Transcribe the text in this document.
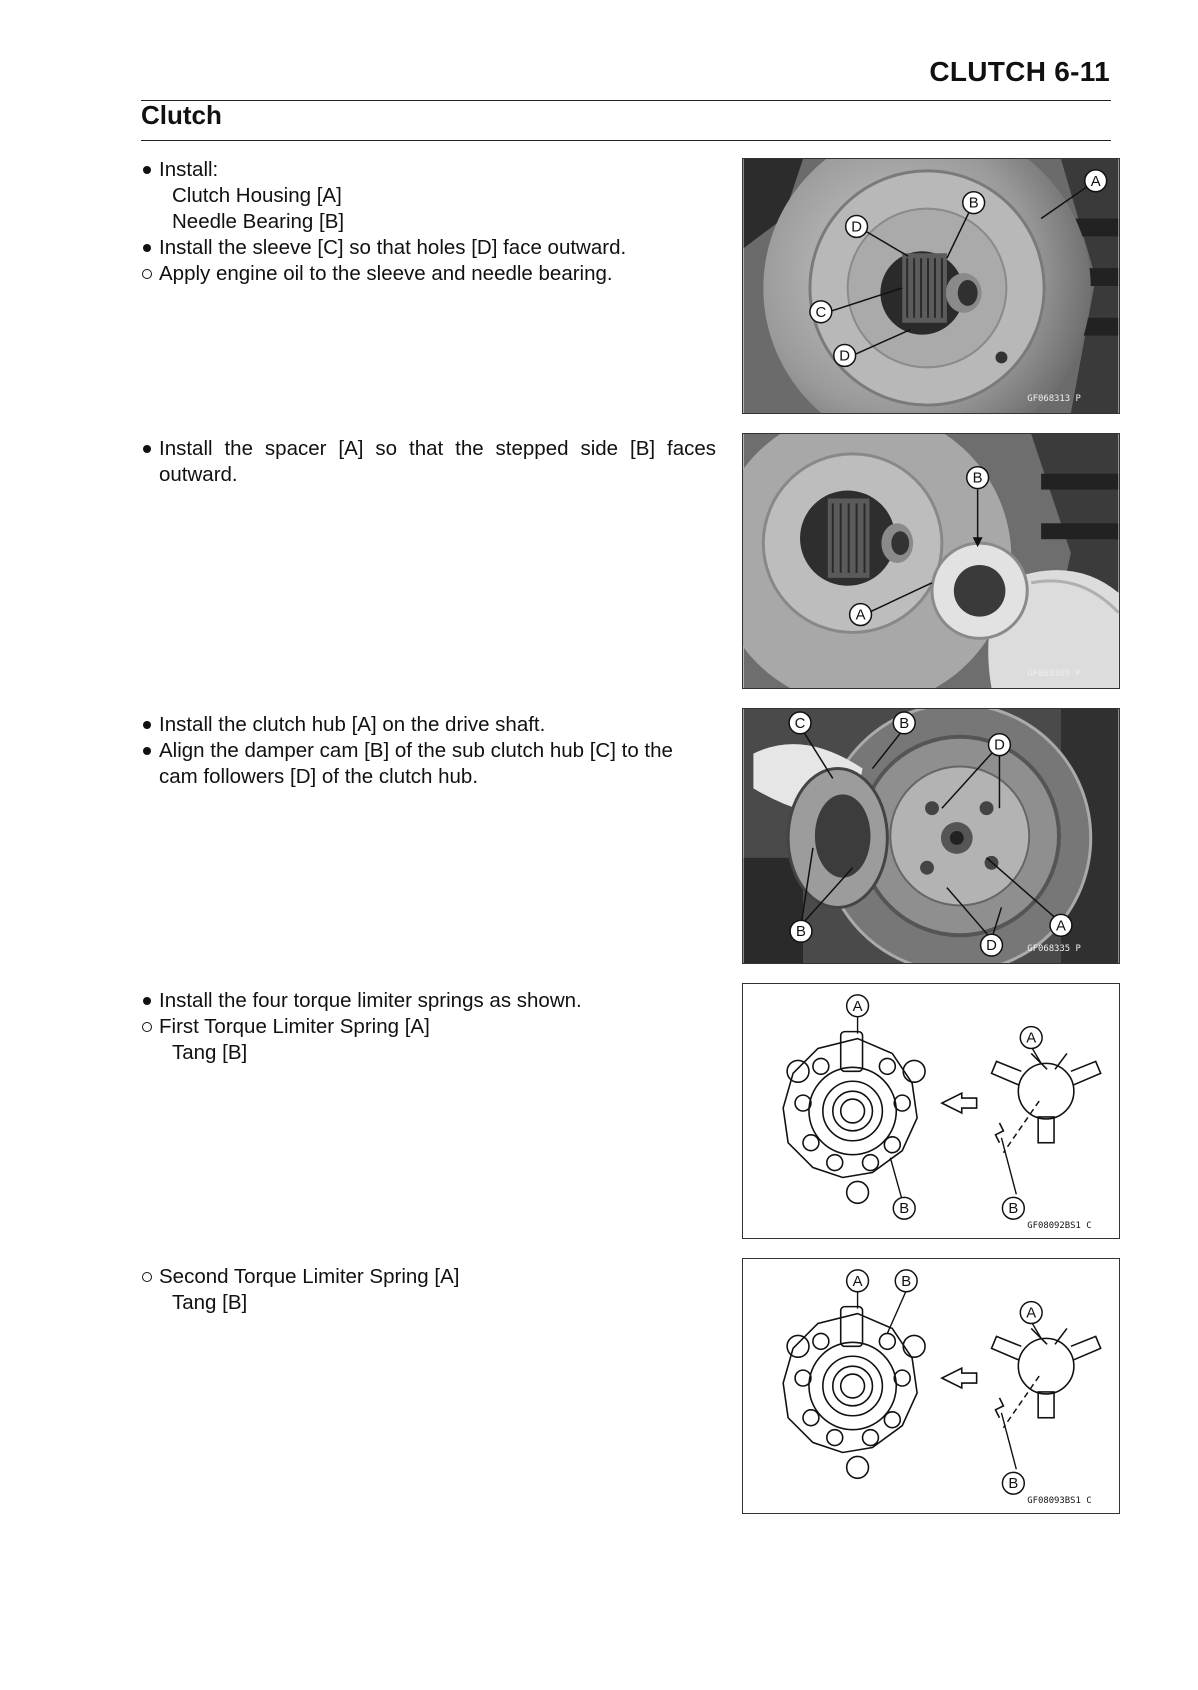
CLUTCH 6-11
Clutch
Install:
Clutch Housing [A]
Needle Bearing [B]
Install the sleeve [C] so that holes [D] face outward.
Apply engine oil to the sleeve and needle bearing.
Install the spacer [A] so that the stepped side [B] faces
outward.
Install the clutch hub [A] on the drive shaft.
Align the damper cam [B] of the sub clutch hub [C] to the
cam followers [D] of the clutch hub.
Install the four torque limiter springs as shown.
First Torque Limiter Spring [A]
Tang [B]
Second Torque Limiter Spring [A]
Tang [B]
A
B
D
C
D
GF068313 P
B
A
GF068309 P
C	B
D
B
D
A
GF068335 P
A
A
B	B
GF08092BS1 C
A	B
A
B
GF08093BS1 C
